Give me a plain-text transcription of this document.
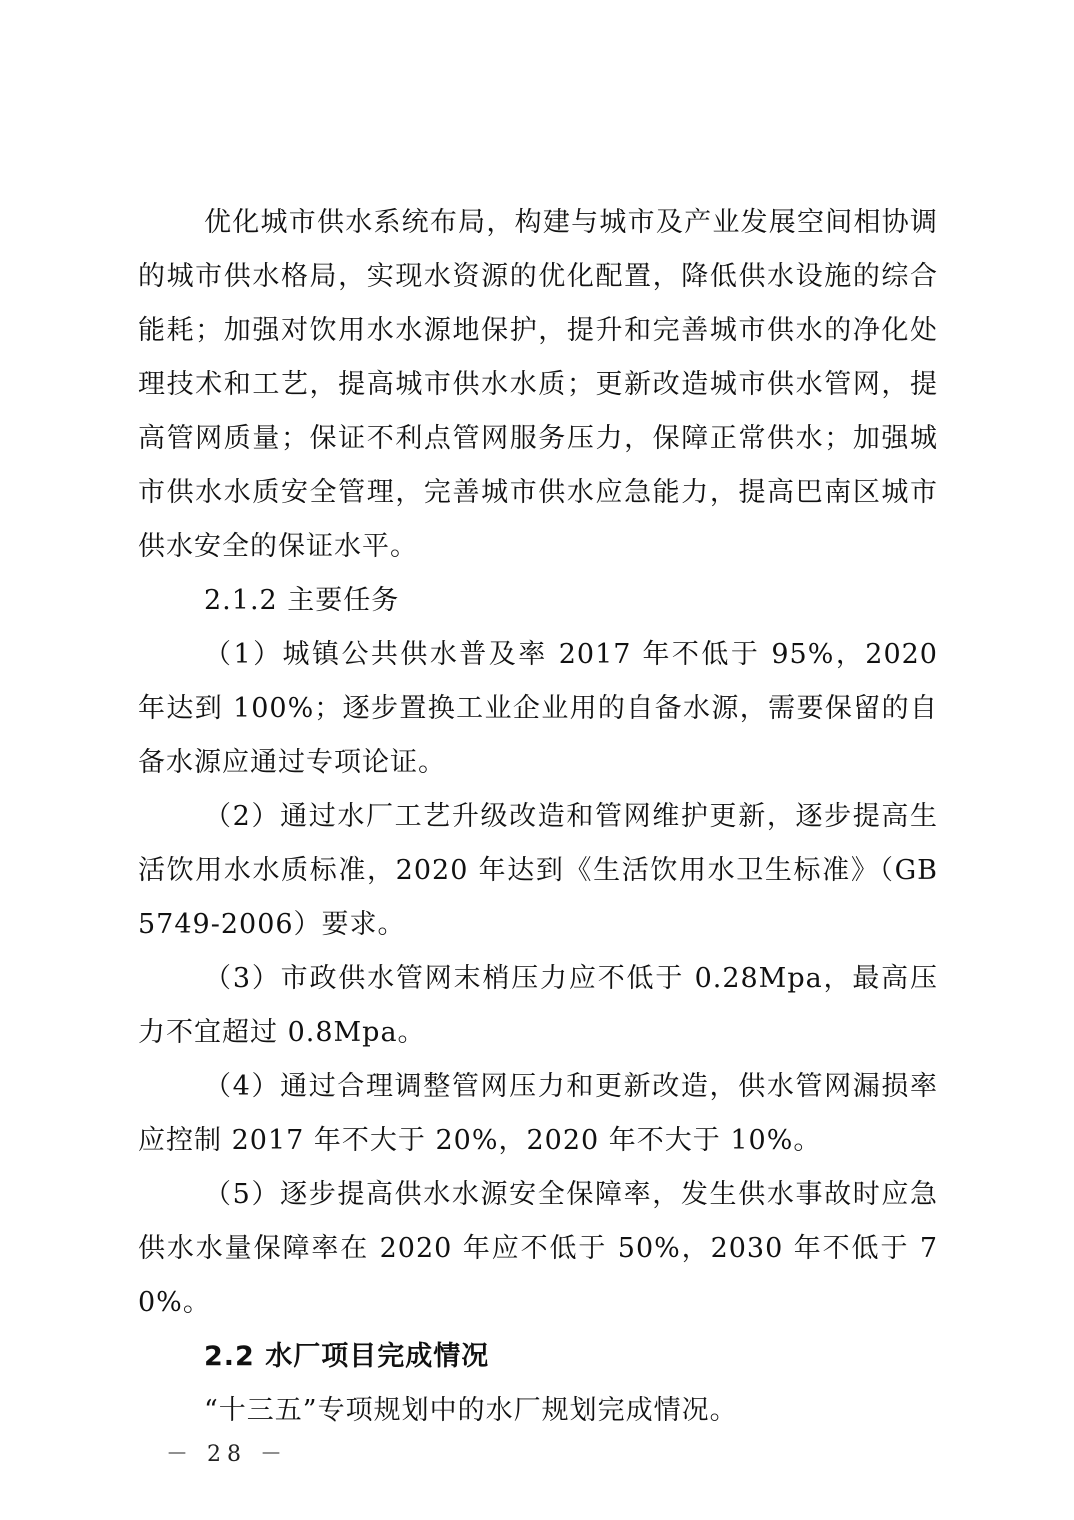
优化城市供水系统布局，构建与城市及产业发展空间相协调的城市供水格局，实现水资源的优化配置，降低供水设施的综合能耗；加强对饮用水水源地保护，提升和完善城市供水的净化处理技术和工艺，提高城市供水水质；更新改造城市供水管网，提高管网质量；保证不利点管网服务压力，保障正常供水；加强城市供水水质安全管理，完善城市供水应急能力，提高巴南区城市供水安全的保证水平。

2.1.2 主要任务

（1）城镇公共供水普及率 2017 年不低于 95%，2020 年达到 100%；逐步置换工业企业用的自备水源，需要保留的自备水源应通过专项论证。

（2）通过水厂工艺升级改造和管网维护更新，逐步提高生活饮用水水质标准，2020 年达到《生活饮用水卫生标准》（GB5749-2006）要求。

（3）市政供水管网末梢压力应不低于 0.28Mpa，最高压力不宜超过 0.8Mpa。

（4）通过合理调整管网压力和更新改造，供水管网漏损率应控制 2017 年不大于 20%，2020 年不大于 10%。

（5）逐步提高供水水源安全保障率，发生供水事故时应急供水水量保障率在 2020 年应不低于 50%，2030 年不低于 70%。

2.2 水厂项目完成情况

“十三五”专项规划中的水厂规划完成情况。

－ 28 －
